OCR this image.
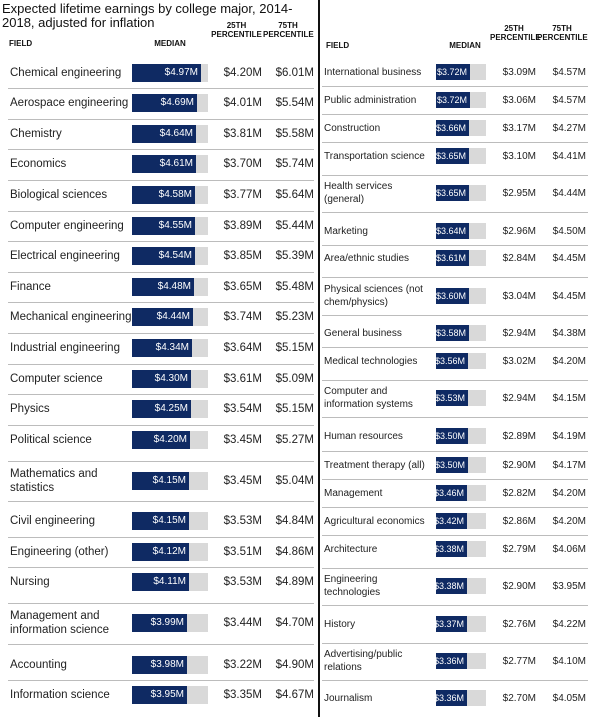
Expected lifetime earnings by college major, 2014-2018, adjusted for inflation
FIELD	MEDIAN
25TH PERCENTILE
75TH PERCENTILE
FIELD	MEDIAN
25TH PERCENTILE
75TH PERCENTILE
Chemical engineering	$4.97M	$4.20M	$6.01M
Aerospace engineering	$4.69M	$4.01M	$5.54M
Chemistry	$4.64M	$3.81M	$5.58M
Economics	$4.61M	$3.70M	$5.74M
Biological sciences	$4.58M	$3.77M	$5.64M
Computer engineering	$4.55M	$3.89M	$5.44M
Electrical engineering	$4.54M	$3.85M	$5.39M
Finance	$4.48M	$3.65M	$5.48M
Mechanical engineering	$4.44M	$3.74M	$5.23M
Industrial engineering	$4.34M	$3.64M	$5.15M
Computer science	$4.30M	$3.61M	$5.09M
Physics	$4.25M	$3.54M	$5.15M
Political science	$4.20M	$3.45M	$5.27M
Mathematics and statistics
$4.15M	$3.45M	$5.04M
Civil engineering	$4.15M	$3.53M	$4.84M
Engineering (other)	$4.12M	$3.51M	$4.86M
Nursing	$4.11M	$3.53M	$4.89M
Management and information science
$3.99M	$3.44M	$4.70M
Accounting	$3.98M	$3.22M	$4.90M
Information science	$3.95M	$3.35M	$4.67M
International business	$3.72M	$3.09M	$4.57M
Public administration	$3.72M	$3.06M	$4.57M
Construction	$3.66M	$3.17M	$4.27M
Transportation science	$3.65M	$3.10M	$4.41M
Health services (general)
$3.65M	$2.95M	$4.44M
Marketing	$3.64M	$2.96M	$4.50M
Area/ethnic studies	$3.61M	$2.84M	$4.45M
Physical sciences (not chem/physics)
$3.60M	$3.04M	$4.45M
General business	$3.58M	$2.94M	$4.38M
Medical technologies	$3.56M	$3.02M	$4.20M
Computer and information systems
$3.53M	$2.94M	$4.15M
Human resources	$3.50M	$2.89M	$4.19M
Treatment therapy (all)	$3.50M	$2.90M	$4.17M
Management	$3.46M	$2.82M	$4.20M
Agricultural economics	$3.42M	$2.86M	$4.20M
Architecture	$3.38M	$2.79M	$4.06M
Engineering technologies
$3.38M	$2.90M	$3.95M
History	$3.37M	$2.76M	$4.22M
Advertising/public relations
$3.36M	$2.77M	$4.10M
Journalism	$3.36M	$2.70M	$4.05M
